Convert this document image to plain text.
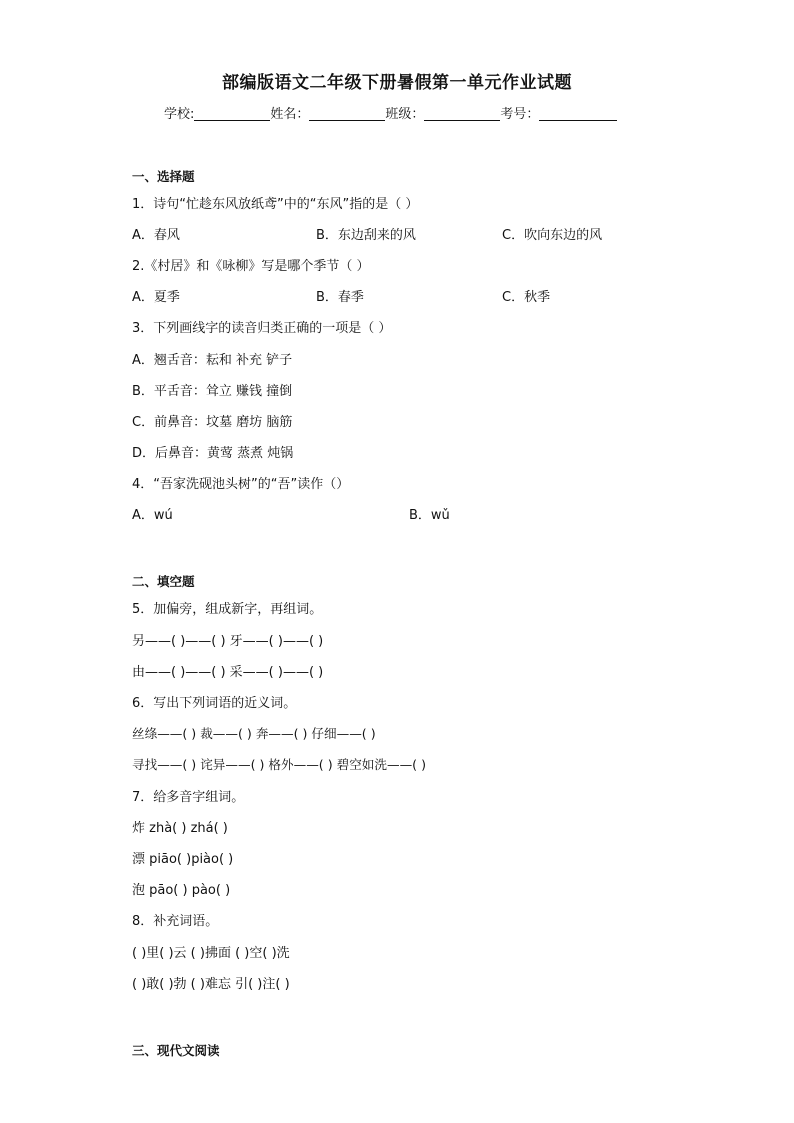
部编版语文二年级下册暑假第一单元作业试题
学校:	姓名：	班级：	考号：
一、选择题
1．诗句“忙趁东风放纸鸢”中的“东风”指的是（ ）
A．春风	B．东边刮来的风	C．吹向东边的风
2.《村居》和《咏柳》写是哪个季节（ ）
A．夏季	B．春季	C．秋季
3．下列画线字的读音归类正确的一项是（ ）
A．翘舌音：耘和 补充 铲子
B．平舌音：耸立 赚钱 撞倒
C．前鼻音：坟墓 磨坊 脑筋
D．后鼻音：黄莺 蒸煮 炖锅
4．“吾家洗砚池头树”的“吾”读作（）
A．wú	B．wǔ
二、填空题
5．加偏旁，组成新字，再组词。
另——( )——( ) 牙——( )——( )
由——( )——( ) 采——( )——( )
6．写出下列词语的近义词。
丝绦——( ) 裁——( ) 奔——( ) 仔细——( )
寻找——( ) 诧异——( ) 格外——( ) 碧空如洗——( )
7．给多音字组词。
炸 zhà( ) zhá( )
漂 piāo( )piào( )
泡 pāo( ) pào( )
8．补充词语。
( )里( )云 ( )拂面 ( )空( )洗
( )敢( )勃 ( )难忘 引( )注( )
三、现代文阅读
